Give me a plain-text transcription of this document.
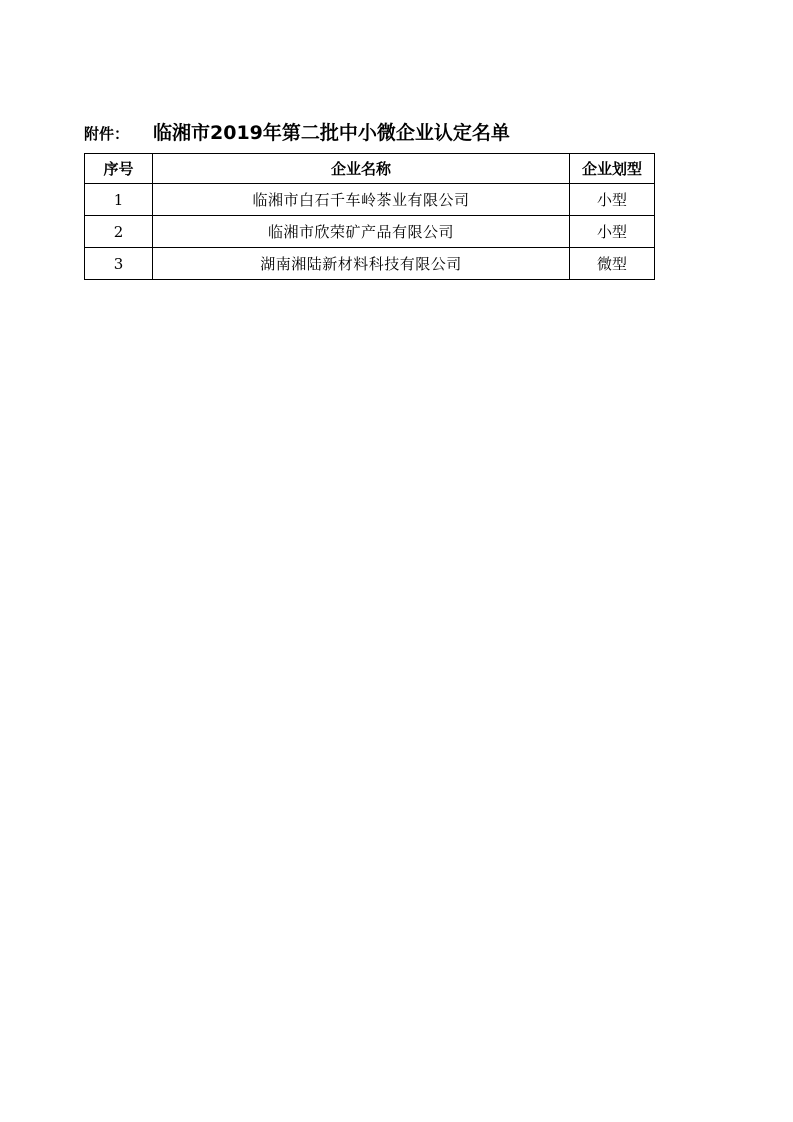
附件： 临湘市2019年第二批中小微企业认定名单
序号	企业名称	企业划型
1	临湘市白石千车岭茶业有限公司	小型
2	临湘市欣荣矿产品有限公司	小型
3	湖南湘陆新材料科技有限公司	微型
